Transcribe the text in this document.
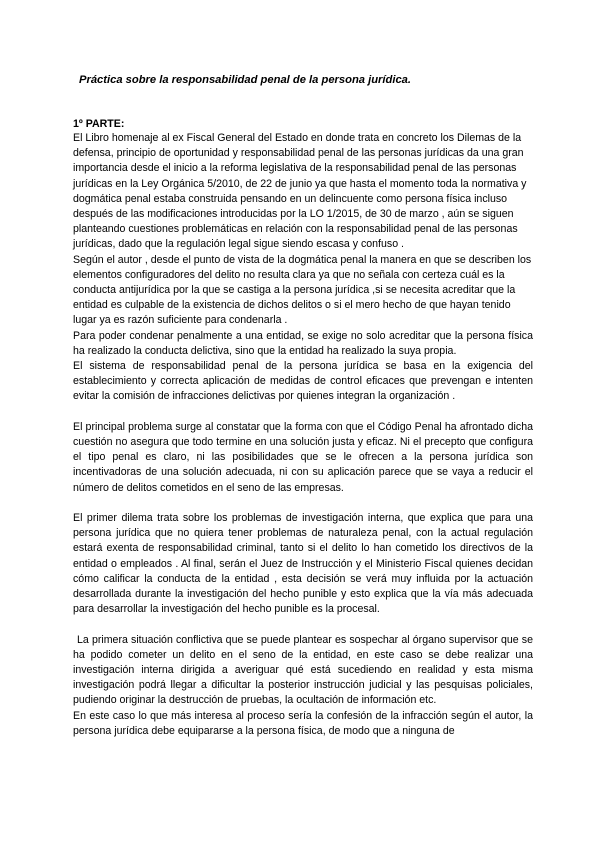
Práctica sobre la responsabilidad penal de la persona jurídica.
1º PARTE:

El Libro homenaje al ex Fiscal General del Estado en donde trata en concreto los Dilemas de la defensa, principio de oportunidad y responsabilidad penal de las personas jurídicas da una gran importancia desde el inicio a la reforma legislativa de la responsabilidad penal de las personas jurídicas en la Ley Orgánica 5/2010, de 22 de junio ya que hasta el momento toda la normativa y dogmática penal estaba construida pensando en un delincuente como persona física incluso después de las modificaciones introducidas por la LO 1/2015, de 30 de marzo , aún se siguen planteando cuestiones problemáticas en relación con la responsabilidad penal de las personas jurídicas, dado que la regulación legal sigue siendo escasa y confuso .

Según el autor , desde el punto de vista de la dogmática penal la manera en que se describen los elementos configuradores del delito no resulta clara ya que no señala con certeza cuál es la conducta antijurídica por la que se castiga a la persona jurídica ,si se necesita acreditar que la entidad es culpable de la existencia de dichos delitos o si el mero hecho de que hayan tenido lugar ya es razón suficiente para condenarla .

Para poder condenar penalmente a una entidad, se exige no solo acreditar que la persona física ha realizado la conducta delictiva, sino que la entidad ha realizado la suya propia.

El sistema de responsabilidad penal de la persona jurídica se basa en la exigencia del establecimiento y correcta aplicación de medidas de control eficaces que prevengan e intenten evitar la comisión de infracciones delictivas por quienes integran la organización .

El principal problema surge al constatar que la forma con que el Código Penal ha afrontado dicha cuestión no asegura que todo termine en una solución justa y eficaz. Ni el precepto que configura el tipo penal es claro, ni las posibilidades que se le ofrecen a la persona jurídica son incentivadoras de una solución adecuada, ni con su aplicación parece que se vaya a reducir el número de delitos cometidos en el seno de las empresas.

El primer dilema trata sobre los problemas de investigación interna, que explica que para una persona jurídica que no quiera tener problemas de naturaleza penal, con la actual regulación estará exenta de responsabilidad criminal, tanto si el delito lo han cometido los directivos de la entidad o empleados . Al final, serán el Juez de Instrucción y el Ministerio Fiscal quienes decidan cómo calificar la conducta de la entidad , esta decisión se verá muy influida por la actuación desarrollada durante la investigación del hecho punible y esto explica que la vía más adecuada para desarrollar la investigación del hecho punible es la procesal.

La primera situación conflictiva que se puede plantear es sospechar al órgano supervisor que se ha podido cometer un delito en el seno de la entidad, en este caso se debe realizar una investigación interna dirigida a averiguar qué está sucediendo en realidad y esta misma investigación podrá llegar a dificultar la posterior instrucción judicial y las pesquisas policiales, pudiendo originar la destrucción de pruebas, la ocultación de información etc.

En este caso lo que más interesa al proceso sería la confesión de la infracción según el autor, la persona jurídica debe equipararse a la persona física, de modo que a ninguna de
